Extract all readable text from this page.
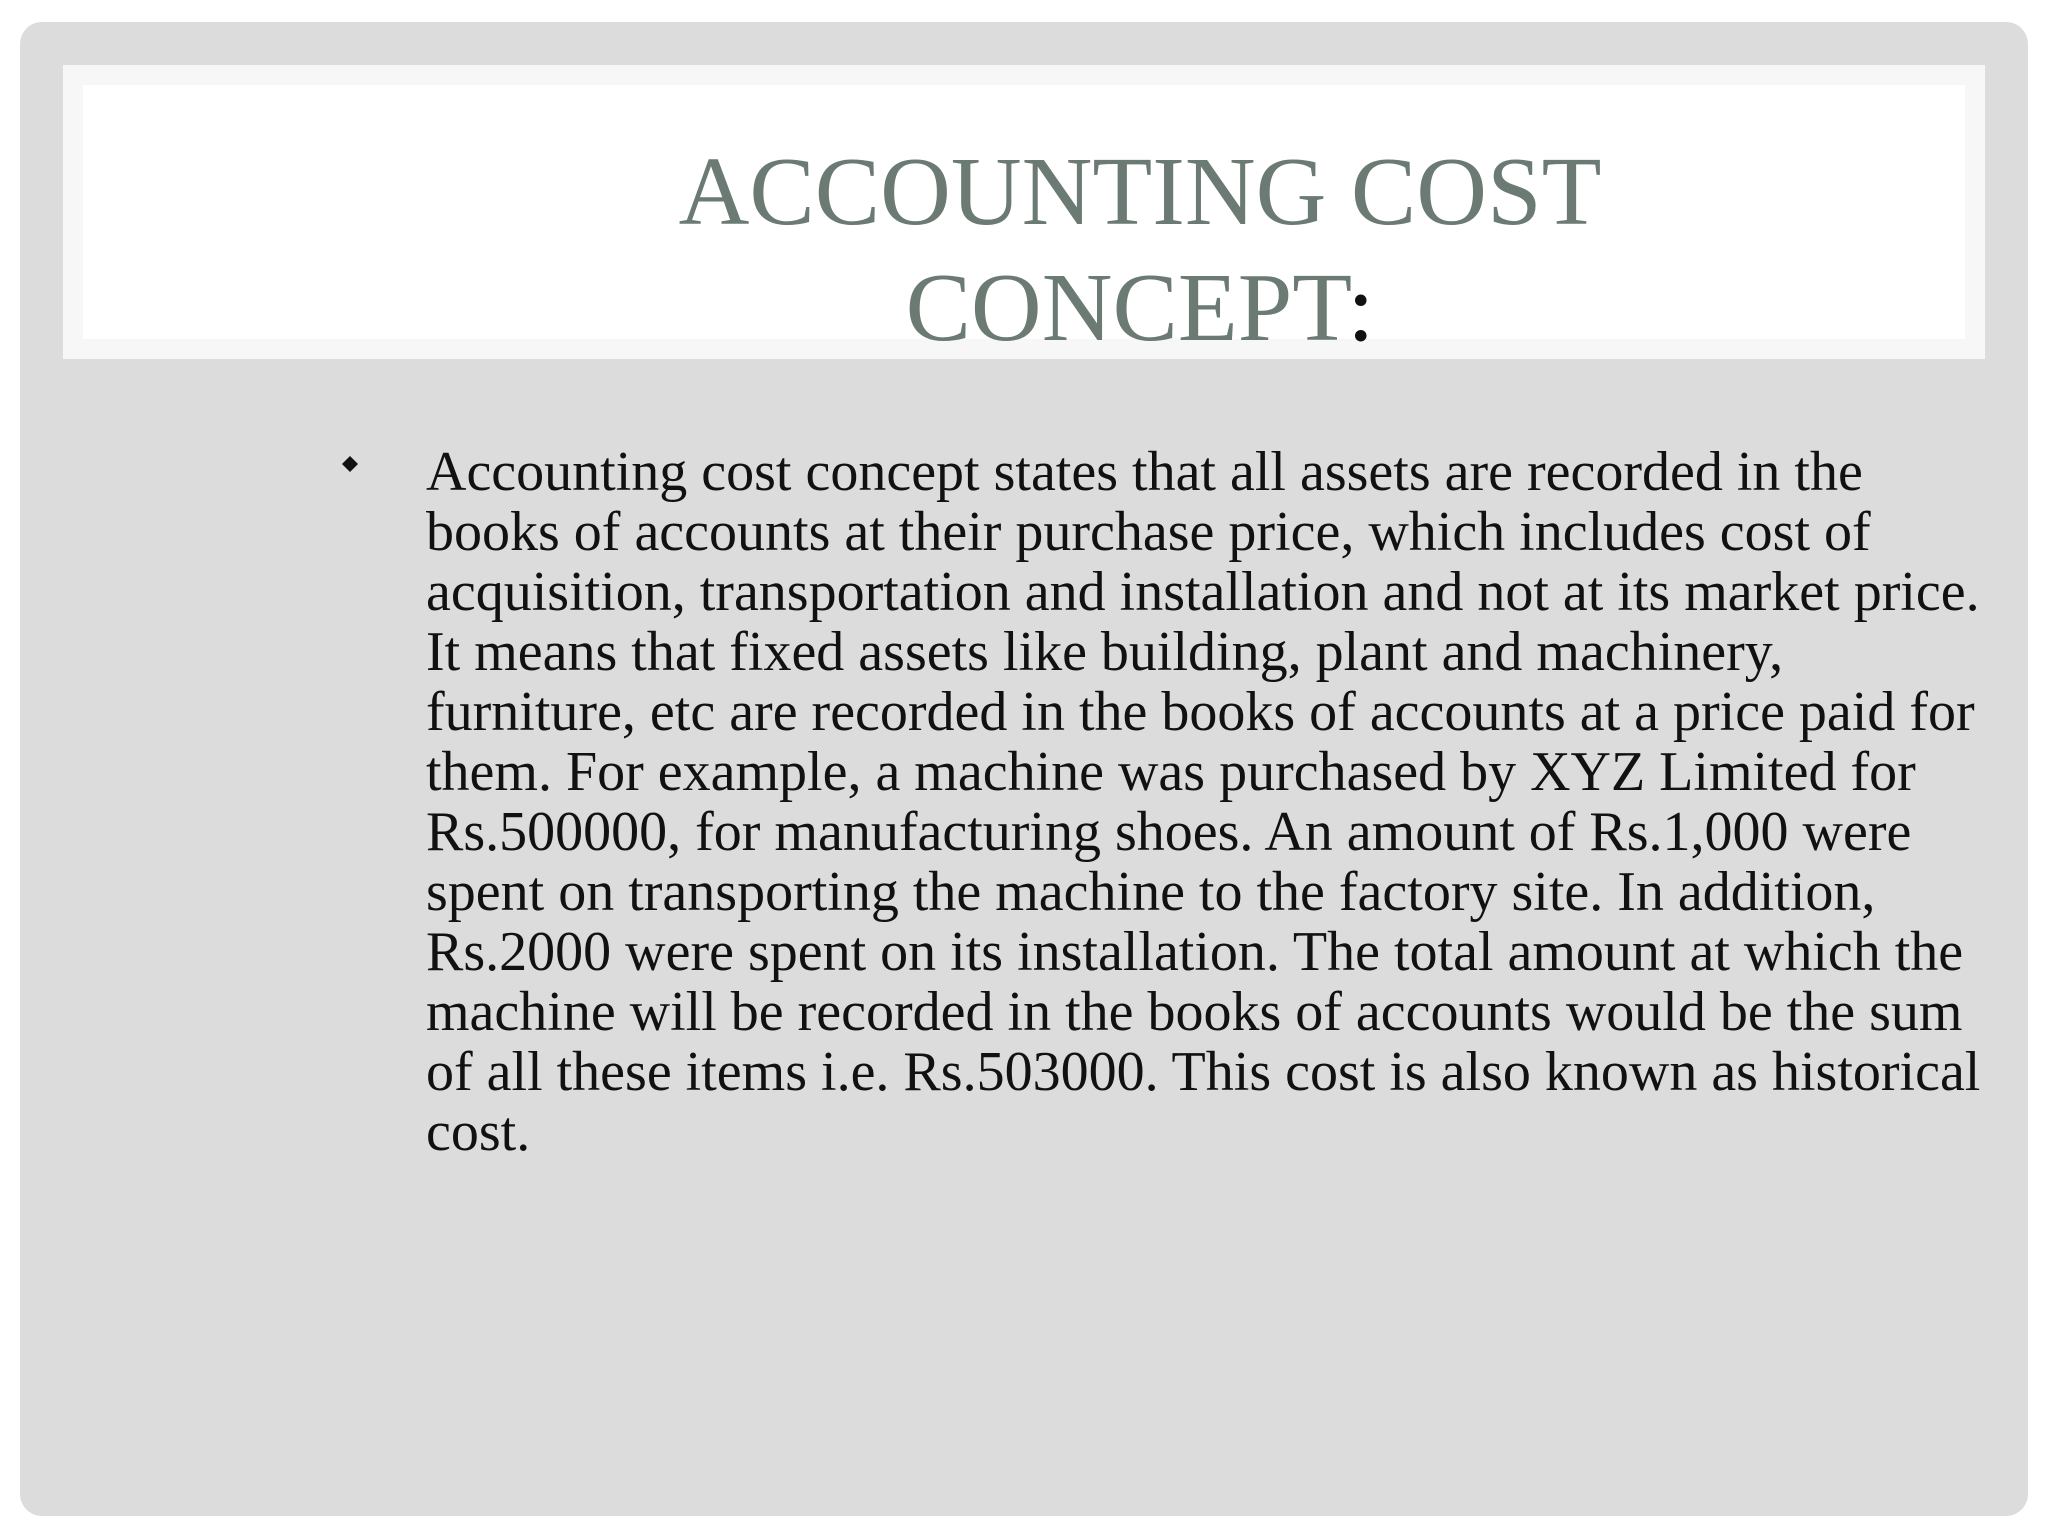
ACCOUNTING COST CONCEPT:

Accounting cost concept states that all assets are recorded in the books of accounts at their purchase price, which includes cost of acquisition, transportation and installation and not at its market price. It means that fixed assets like building, plant and machinery, furniture, etc are recorded in the books of accounts at a price paid for them. For example, a machine was purchased by XYZ Limited for Rs.500000, for manufacturing shoes. An amount of Rs.1,000 were spent on transporting the machine to the factory site. In addition, Rs.2000 were spent on its installation. The total amount at which the machine will be recorded in the books of accounts would be the sum of all these items i.e. Rs.503000. This cost is also known as historical cost.
